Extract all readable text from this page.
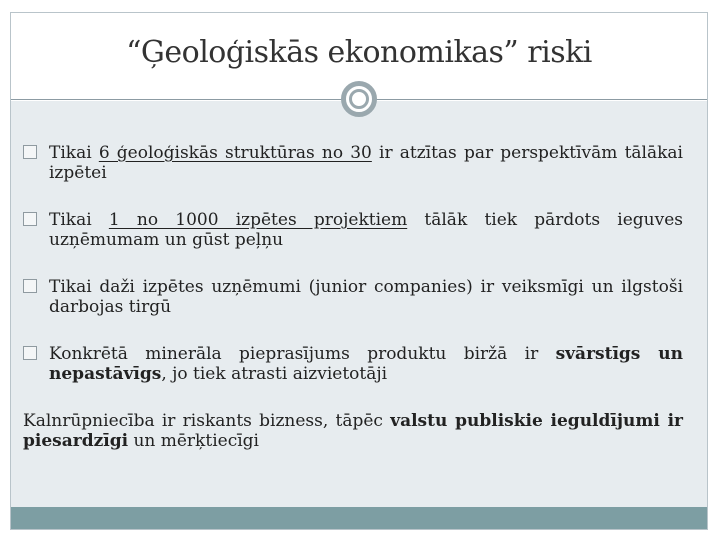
“Ģeoloģiskās ekonomikas” riski
Tikai 6 ģeoloģiskās struktūras no 30 ir atzītas par perspektīvām tālākai izpētei
Tikai 1 no 1000 izpētes projektiem tālāk tiek pārdots ieguves uzņēmumam un gūst peļņu
Tikai daži izpētes uzņēmumi (junior companies) ir veiksmīgi un ilgstoši darbojas tirgū
Konkrētā minerāla pieprasījums produktu biržā ir svārstīgs un nepastāvīgs, jo tiek atrasti aizvietotāji
Kalnrūpniecība ir riskants bizness, tāpēc valstu publiskie ieguldījumi ir piesardzīgi un mērķtiecīgi
